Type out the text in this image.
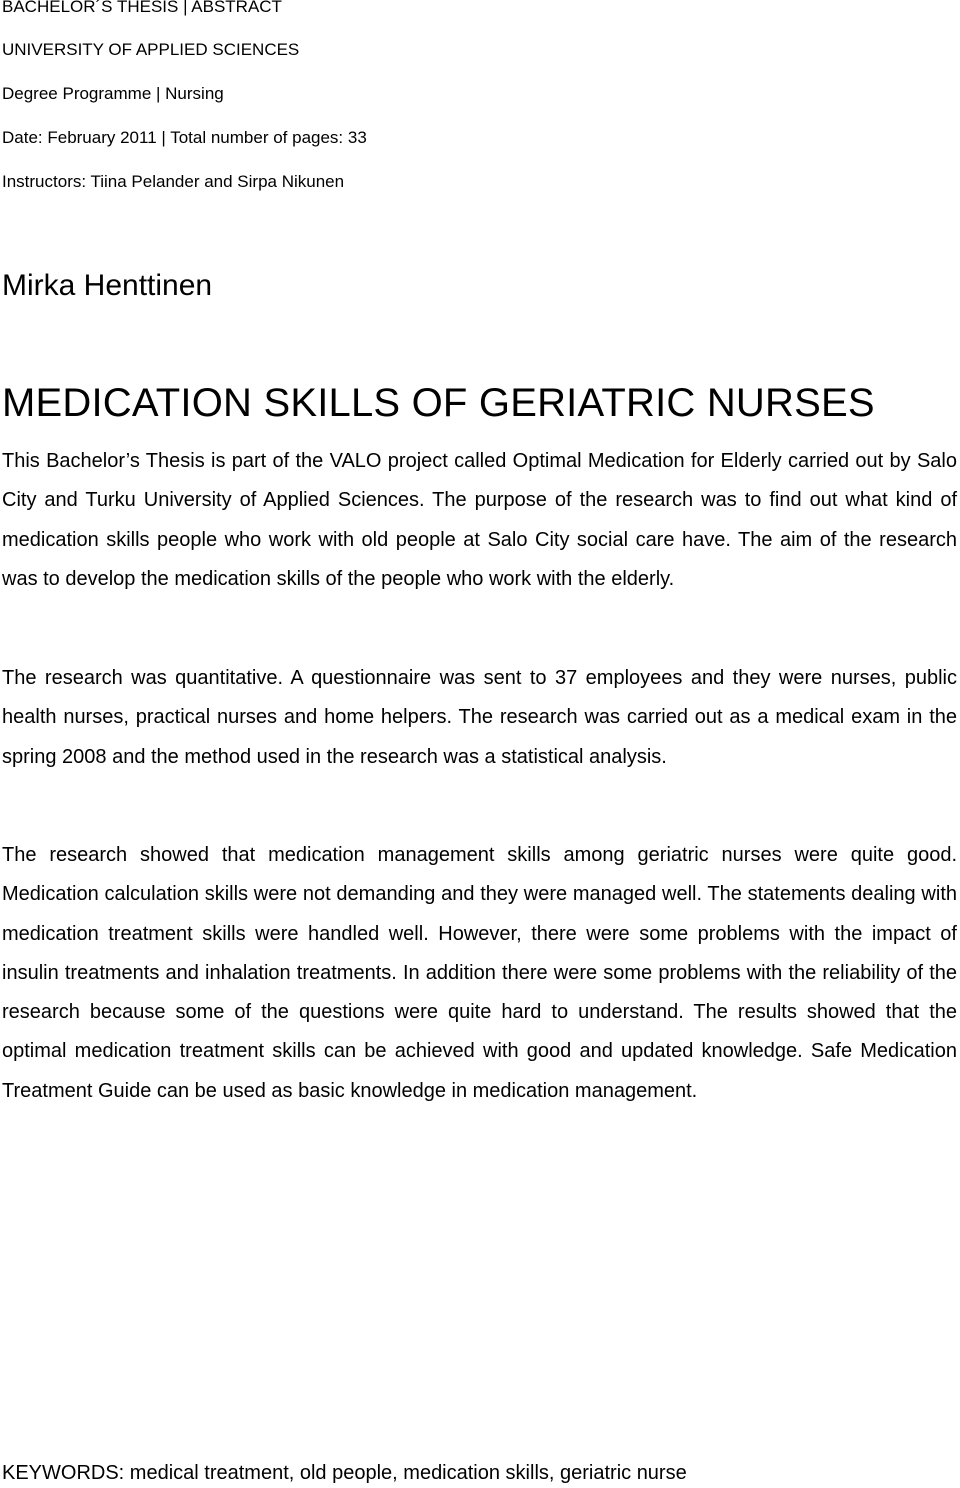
BACHELOR´S THESIS | ABSTRACT
UNIVERSITY OF APPLIED SCIENCES
Degree Programme | Nursing
Date: February 2011 | Total number of pages: 33
Instructors: Tiina Pelander and Sirpa Nikunen
Mirka Henttinen
MEDICATION SKILLS OF GERIATRIC NURSES

This Bachelor’s Thesis is part of the VALO project called Optimal Medication for Elderly carried out by Salo City and Turku University of Applied Sciences. The purpose of the research was to find out what kind of medication skills people who work with old people at Salo City social care have. The aim of the research was to develop the medication skills of the people who work with the elderly.

The research was quantitative. A questionnaire was sent to 37 employees and they were nurses, public health nurses, practical nurses and home helpers. The research was carried out as a medical exam in the spring 2008 and the method used in the research was a statistical analysis.

The research showed that medication management skills among geriatric nurses were quite good. Medication calculation skills were not demanding and they were managed well. The statements dealing with medication treatment skills were handled well. However, there were some problems with the impact of insulin treatments and inhalation treatments. In addition there were some problems with the reliability of the research because some of the questions were quite hard to understand. The results showed that the optimal medication treatment skills can be achieved with good and updated knowledge. Safe Medication Treatment Guide can be used as basic knowledge in medication management.

KEYWORDS: medical treatment, old people, medication skills, geriatric nurse
